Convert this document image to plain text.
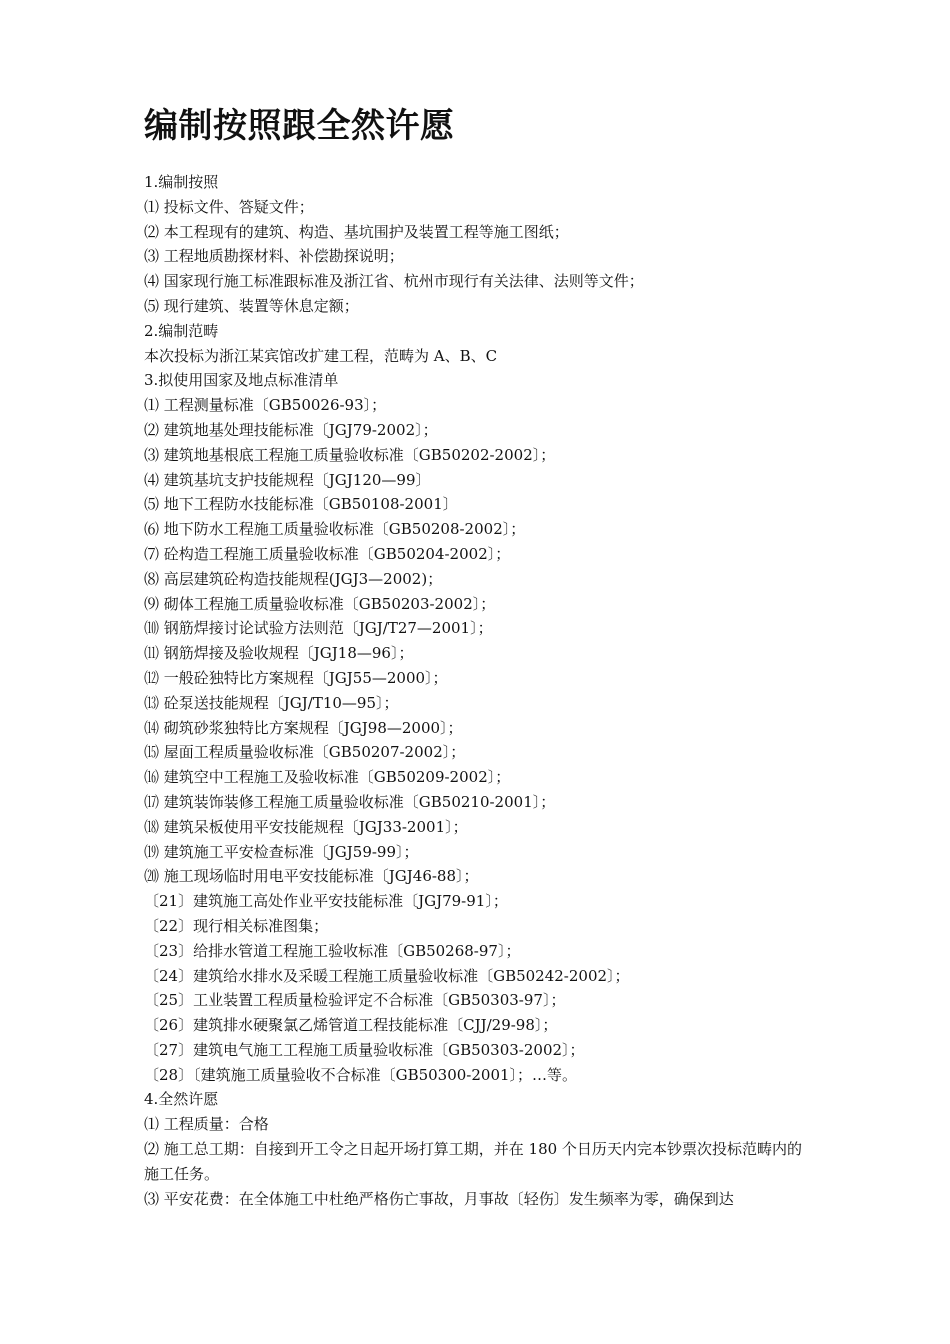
编制按照跟全然许愿
1.编制按照
⑴ 投标文件、答疑文件；
⑵ 本工程现有的建筑、构造、基坑围护及装置工程等施工图纸；
⑶ 工程地质勘探材料、补偿勘探说明；
⑷ 国家现行施工标准跟标准及浙江省、杭州市现行有关法律、法则等文件；
⑸ 现行建筑、装置等休息定额；
2.编制范畴
本次投标为浙江某宾馆改扩建工程，范畴为 A、B、C
3.拟使用国家及地点标准清单
⑴ 工程测量标准〔GB50026-93〕；
⑵ 建筑地基处理技能标准〔JGJ79-2002〕；
⑶ 建筑地基根底工程施工质量验收标准〔GB50202-2002〕；
⑷ 建筑基坑支护技能规程〔JGJ120—99〕
⑸ 地下工程防水技能标准〔GB50108-2001〕
⑹ 地下防水工程施工质量验收标准〔GB50208-2002〕；
⑺ 砼构造工程施工质量验收标准〔GB50204-2002〕；
⑻ 高层建筑砼构造技能规程(JGJ3—2002)；
⑼ 砌体工程施工质量验收标准〔GB50203-2002〕；
⑽ 钢筋焊接讨论试验方法则范〔JGJ/T27—2001〕；
⑾ 钢筋焊接及验收规程〔JGJ18—96〕；
⑿ 一般砼独特比方案规程〔JGJ55—2000〕；
⒀ 砼泵送技能规程〔JGJ/T10—95〕；
⒁ 砌筑砂浆独特比方案规程〔JGJ98—2000〕；
⒂ 屋面工程质量验收标准〔GB50207-2002〕；
⒃ 建筑空中工程施工及验收标准〔GB50209-2002〕；
⒄ 建筑装饰装修工程施工质量验收标准〔GB50210-2001〕；
⒅ 建筑呆板使用平安技能规程〔JGJ33-2001〕；
⒆ 建筑施工平安检查标准〔JGJ59-99〕；
⒇ 施工现场临时用电平安技能标准〔JGJ46-88〕；
〔21〕建筑施工高处作业平安技能标准〔JGJ79-91〕；
〔22〕现行相关标准图集；
〔23〕给排水管道工程施工验收标准〔GB50268-97〕；
〔24〕建筑给水排水及采暖工程施工质量验收标准〔GB50242-2002〕；
〔25〕工业装置工程质量检验评定不合标准〔GB50303-97〕；
〔26〕建筑排水硬聚氯乙烯管道工程技能标准〔CJJ/29-98〕；
〔27〕建筑电气施工工程施工质量验收标准〔GB50303-2002〕；
〔28〕〔建筑施工质量验收不合标准〔GB50300-2001〕；…等。
4.全然许愿
⑴ 工程质量：合格
⑵ 施工总工期：自接到开工令之日起开场打算工期，并在 180 个日历天内完本钞票次投标范畴内的施工任务。
⑶ 平安花费：在全体施工中杜绝严格伤亡事故，月事故〔轻伤〕发生频率为零，确保到达
